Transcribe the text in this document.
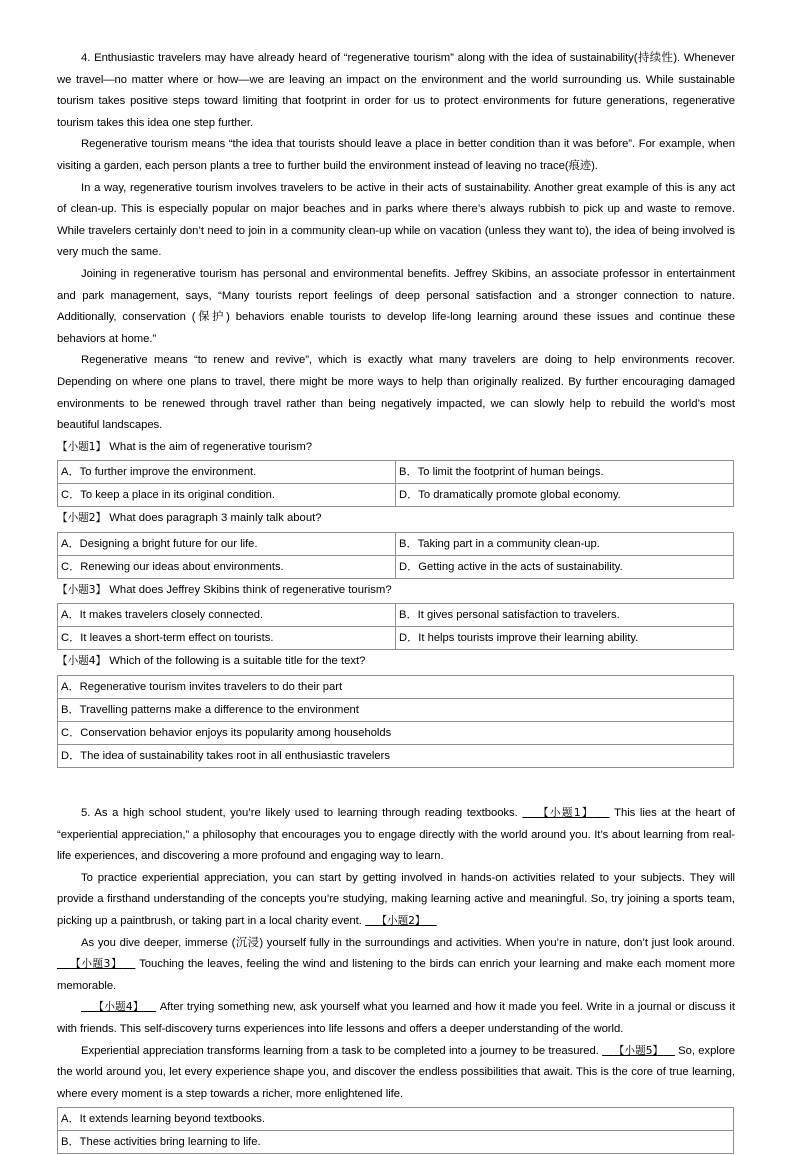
4. Enthusiastic travelers may have already heard of “regenerative tourism” along with the idea of sustainability(持续性). Whenever we travel—no matter where or how—we are leaving an impact on the environment and the world surrounding us. While sustainable tourism takes positive steps toward limiting that footprint in order for us to protect environments for future generations, regenerative tourism takes this idea one step further.

Regenerative tourism means “the idea that tourists should leave a place in better condition than it was before”. For example, when visiting a garden, each person plants a tree to further build the environment instead of leaving no trace(痕迹).

In a way, regenerative tourism involves travelers to be active in their acts of sustainability. Another great example of this is any act of clean-up. This is especially popular on major beaches and in parks where there’s always rubbish to pick up and waste to remove. While travelers certainly don’t need to join in a community clean-up while on vacation (unless they want to), the idea of being involved is very much the same.

Joining in regenerative tourism has personal and environmental benefits. Jeffrey Skibins, an associate professor in entertainment and park management, says, “Many tourists report feelings of deep personal satisfaction and a stronger connection to nature. Additionally, conservation (保护) behaviors enable tourists to develop life-long learning around these issues and continue these behaviors at home.”

Regenerative means “to renew and revive”, which is exactly what many travelers are doing to help environments recover. Depending on where one plans to travel, there might be more ways to help than originally realized. By further encouraging damaged environments to be renewed through travel rather than being negatively impacted, we can slowly help to rebuild the world’s most beautiful landscapes.

【小题1】 What is the aim of regenerative tourism?

A．To further improve the environment.	B．To limit the footprint of human beings.
C．To keep a place in its original condition.	D．To dramatically promote global economy.

【小题2】 What does paragraph 3 mainly talk about?

A．Designing a bright future for our life.	B．Taking part in a community clean-up.
C．Renewing our ideas about environments.	D．Getting active in the acts of sustainability.

【小题3】 What does Jeffrey Skibins think of regenerative tourism?

A．It makes travelers closely connected.	B．It gives personal satisfaction to travelers.
C．It leaves a short-term effect on tourists.	D．It helps tourists improve their learning ability.

【小题4】 Which of the following is a suitable title for the text?

A．Regenerative tourism invites travelers to do their part
B．Travelling patterns make a difference to the environment
C．Conservation behavior enjoys its popularity among households
D．The idea of sustainability takes root in all enthusiastic travelers

5. As a high school student, you’re likely used to learning through reading textbooks. 【小题1】 This lies at the heart of “experiential appreciation,” a philosophy that encourages you to engage directly with the world around you. It’s about learning from real-life experiences, and discovering a more profound and engaging way to learn.

To practice experiential appreciation, you can start by getting involved in hands-on activities related to your subjects. They will provide a firsthand understanding of the concepts you’re studying, making learning active and meaningful. So, try joining a sports team, picking up a paintbrush, or taking part in a local charity event. 【小题2】

As you dive deeper, immerse (沉浸) yourself fully in the surroundings and activities. When you’re in nature, don’t just look around.    【小题3】 Touching the leaves, feeling the wind and listening to the birds can enrich your learning and make each moment more memorable.

【小题4】 After trying something new, ask yourself what you learned and how it made you feel. Write in a journal or discuss it with friends. This self-discovery turns experiences into life lessons and offers a deeper understanding of the world.

Experiential appreciation transforms learning from a task to be completed into a journey to be treasured. 【小题5】 So, explore the world around you, let every experience shape you, and discover the endless possibilities that await. This is the core of true learning, where every moment is a step towards a richer, more enlightened life.

A．It extends learning beyond textbooks.
B．These activities bring learning to life.
